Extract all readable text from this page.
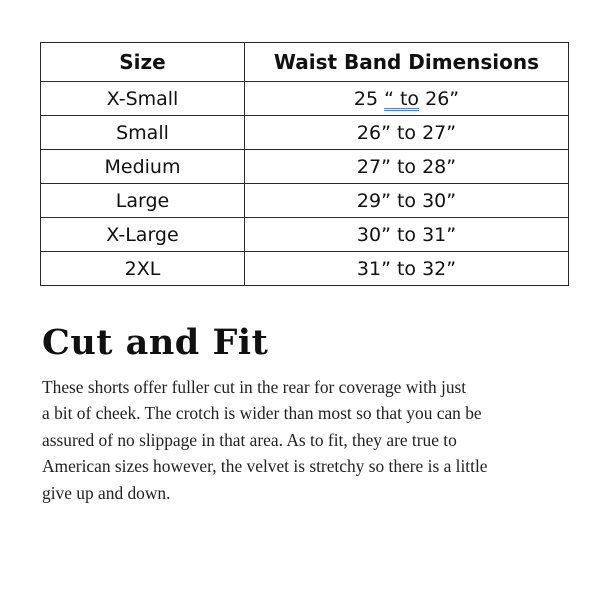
Size	Waist Band Dimensions
X-Small	25 “ to 26”
Small	26” to 27”
Medium	27” to 28”
Large	29” to 30”
X-Large	30” to 31”
2XL	31” to 32”
Cut and Fit

These shorts offer fuller cut in the rear for coverage with just
a bit of cheek. The crotch is wider than most so that you can be
assured of no slippage in that area. As to fit, they are true to
American sizes however, the velvet is stretchy so there is a little
give up and down.
